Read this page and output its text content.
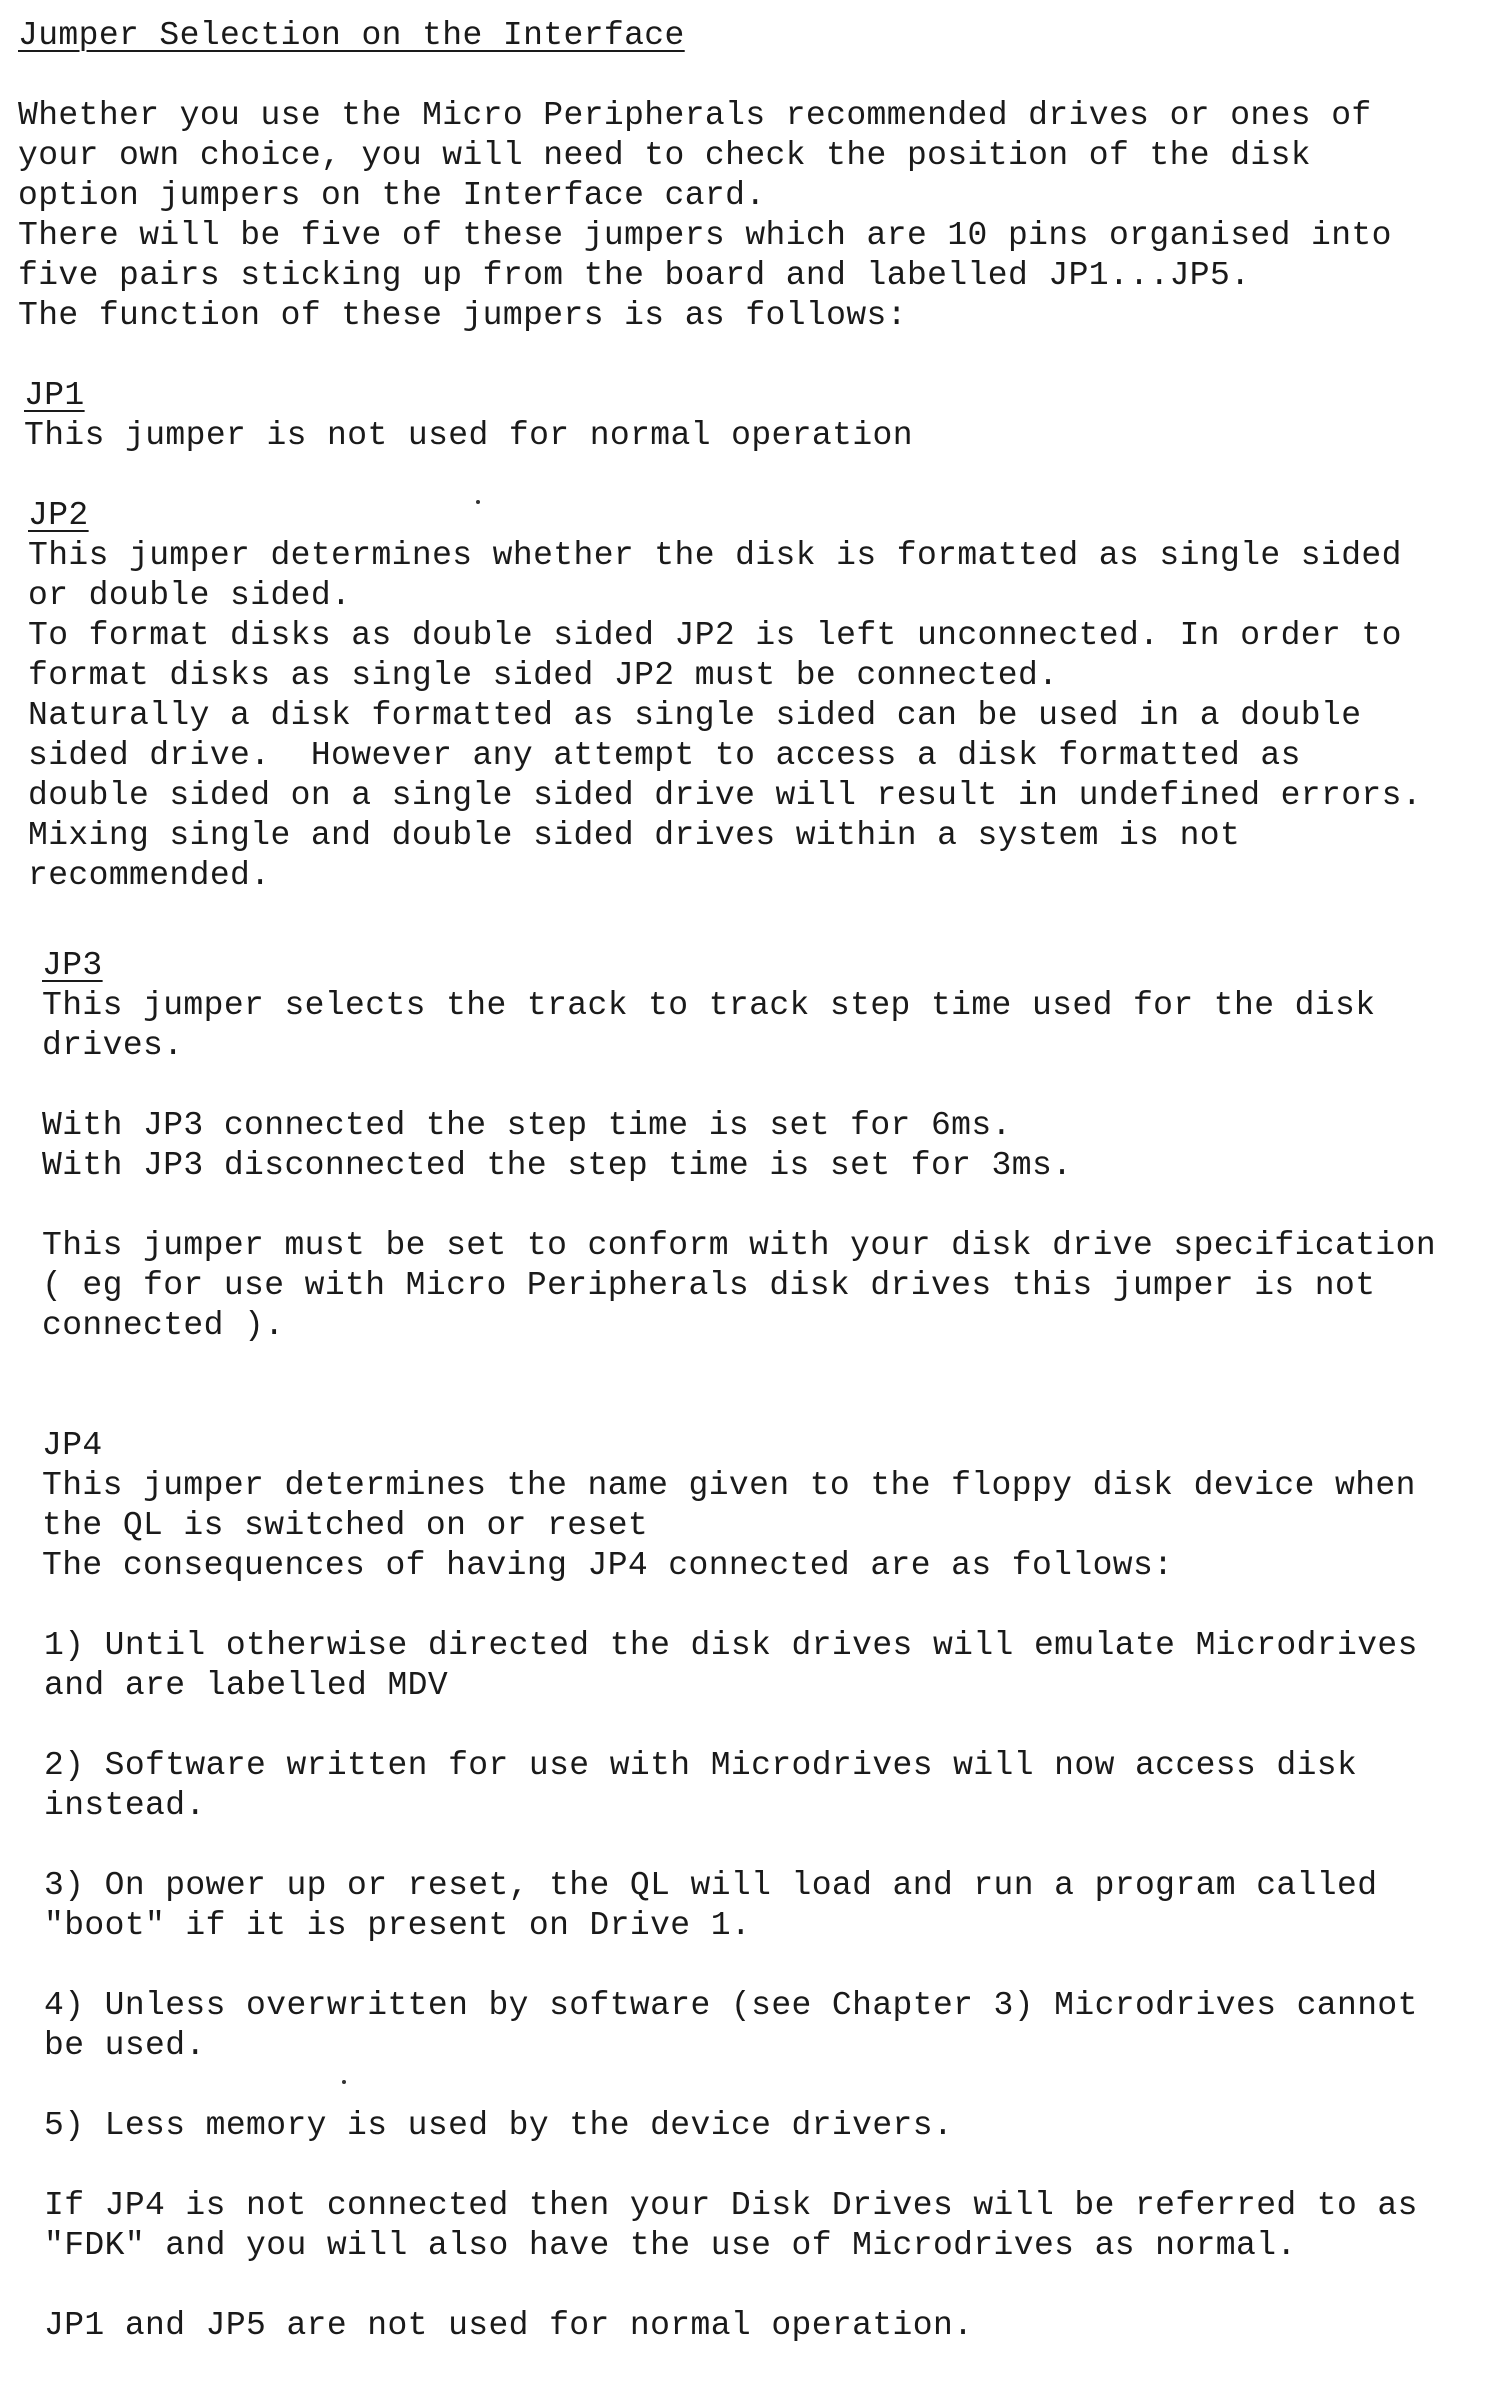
Jumper Selection on the Interface
Whether you use the Micro Peripherals recommended drives or ones of
your own choice, you will need to check the position of the disk
option jumpers on the Interface card.
There will be five of these jumpers which are 10 pins organised into
five pairs sticking up from the board and labelled JP1...JP5.
The function of these jumpers is as follows:
JP1
This jumper is not used for normal operation
JP2
This jumper determines whether the disk is formatted as single sided
or double sided.
To format disks as double sided JP2 is left unconnected. In order to
format disks as single sided JP2 must be connected.
Naturally a disk formatted as single sided can be used in a double
sided drive.  However any attempt to access a disk formatted as
double sided on a single sided drive will result in undefined errors.
Mixing single and double sided drives within a system is not
recommended.
JP3
This jumper selects the track to track step time used for the disk
drives.
With JP3 connected the step time is set for 6ms.
With JP3 disconnected the step time is set for 3ms.
This jumper must be set to conform with your disk drive specification
( eg for use with Micro Peripherals disk drives this jumper is not
connected ).
JP4
This jumper determines the name given to the floppy disk device when
the QL is switched on or reset
The consequences of having JP4 connected are as follows:
1) Until otherwise directed the disk drives will emulate Microdrives
and are labelled MDV
2) Software written for use with Microdrives will now access disk
instead.
3) On power up or reset, the QL will load and run a program called
"boot" if it is present on Drive 1.
4) Unless overwritten by software (see Chapter 3) Microdrives cannot
be used.
5) Less memory is used by the device drivers.
If JP4 is not connected then your Disk Drives will be referred to as
"FDK" and you will also have the use of Microdrives as normal.
JP1 and JP5 are not used for normal operation.
